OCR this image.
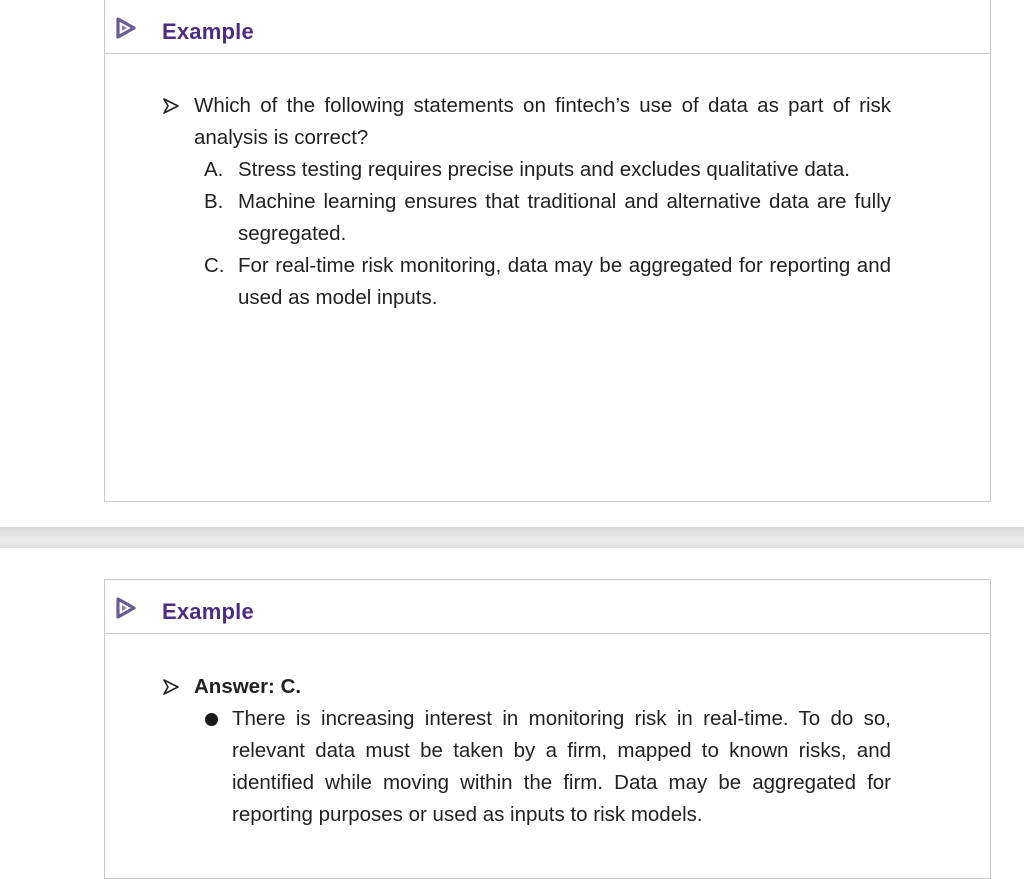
Example
Which of the following statements on fintech’s use of data as part of risk analysis is correct?
A. Stress testing requires precise inputs and excludes qualitative data.
B. Machine learning ensures that traditional and alternative data are fully segregated.
C. For real-time risk monitoring, data may be aggregated for reporting and used as model inputs.
Example
Answer: C.
There is increasing interest in monitoring risk in real-time. To do so, relevant data must be taken by a firm, mapped to known risks, and identified while moving within the firm. Data may be aggregated for reporting purposes or used as inputs to risk models.
